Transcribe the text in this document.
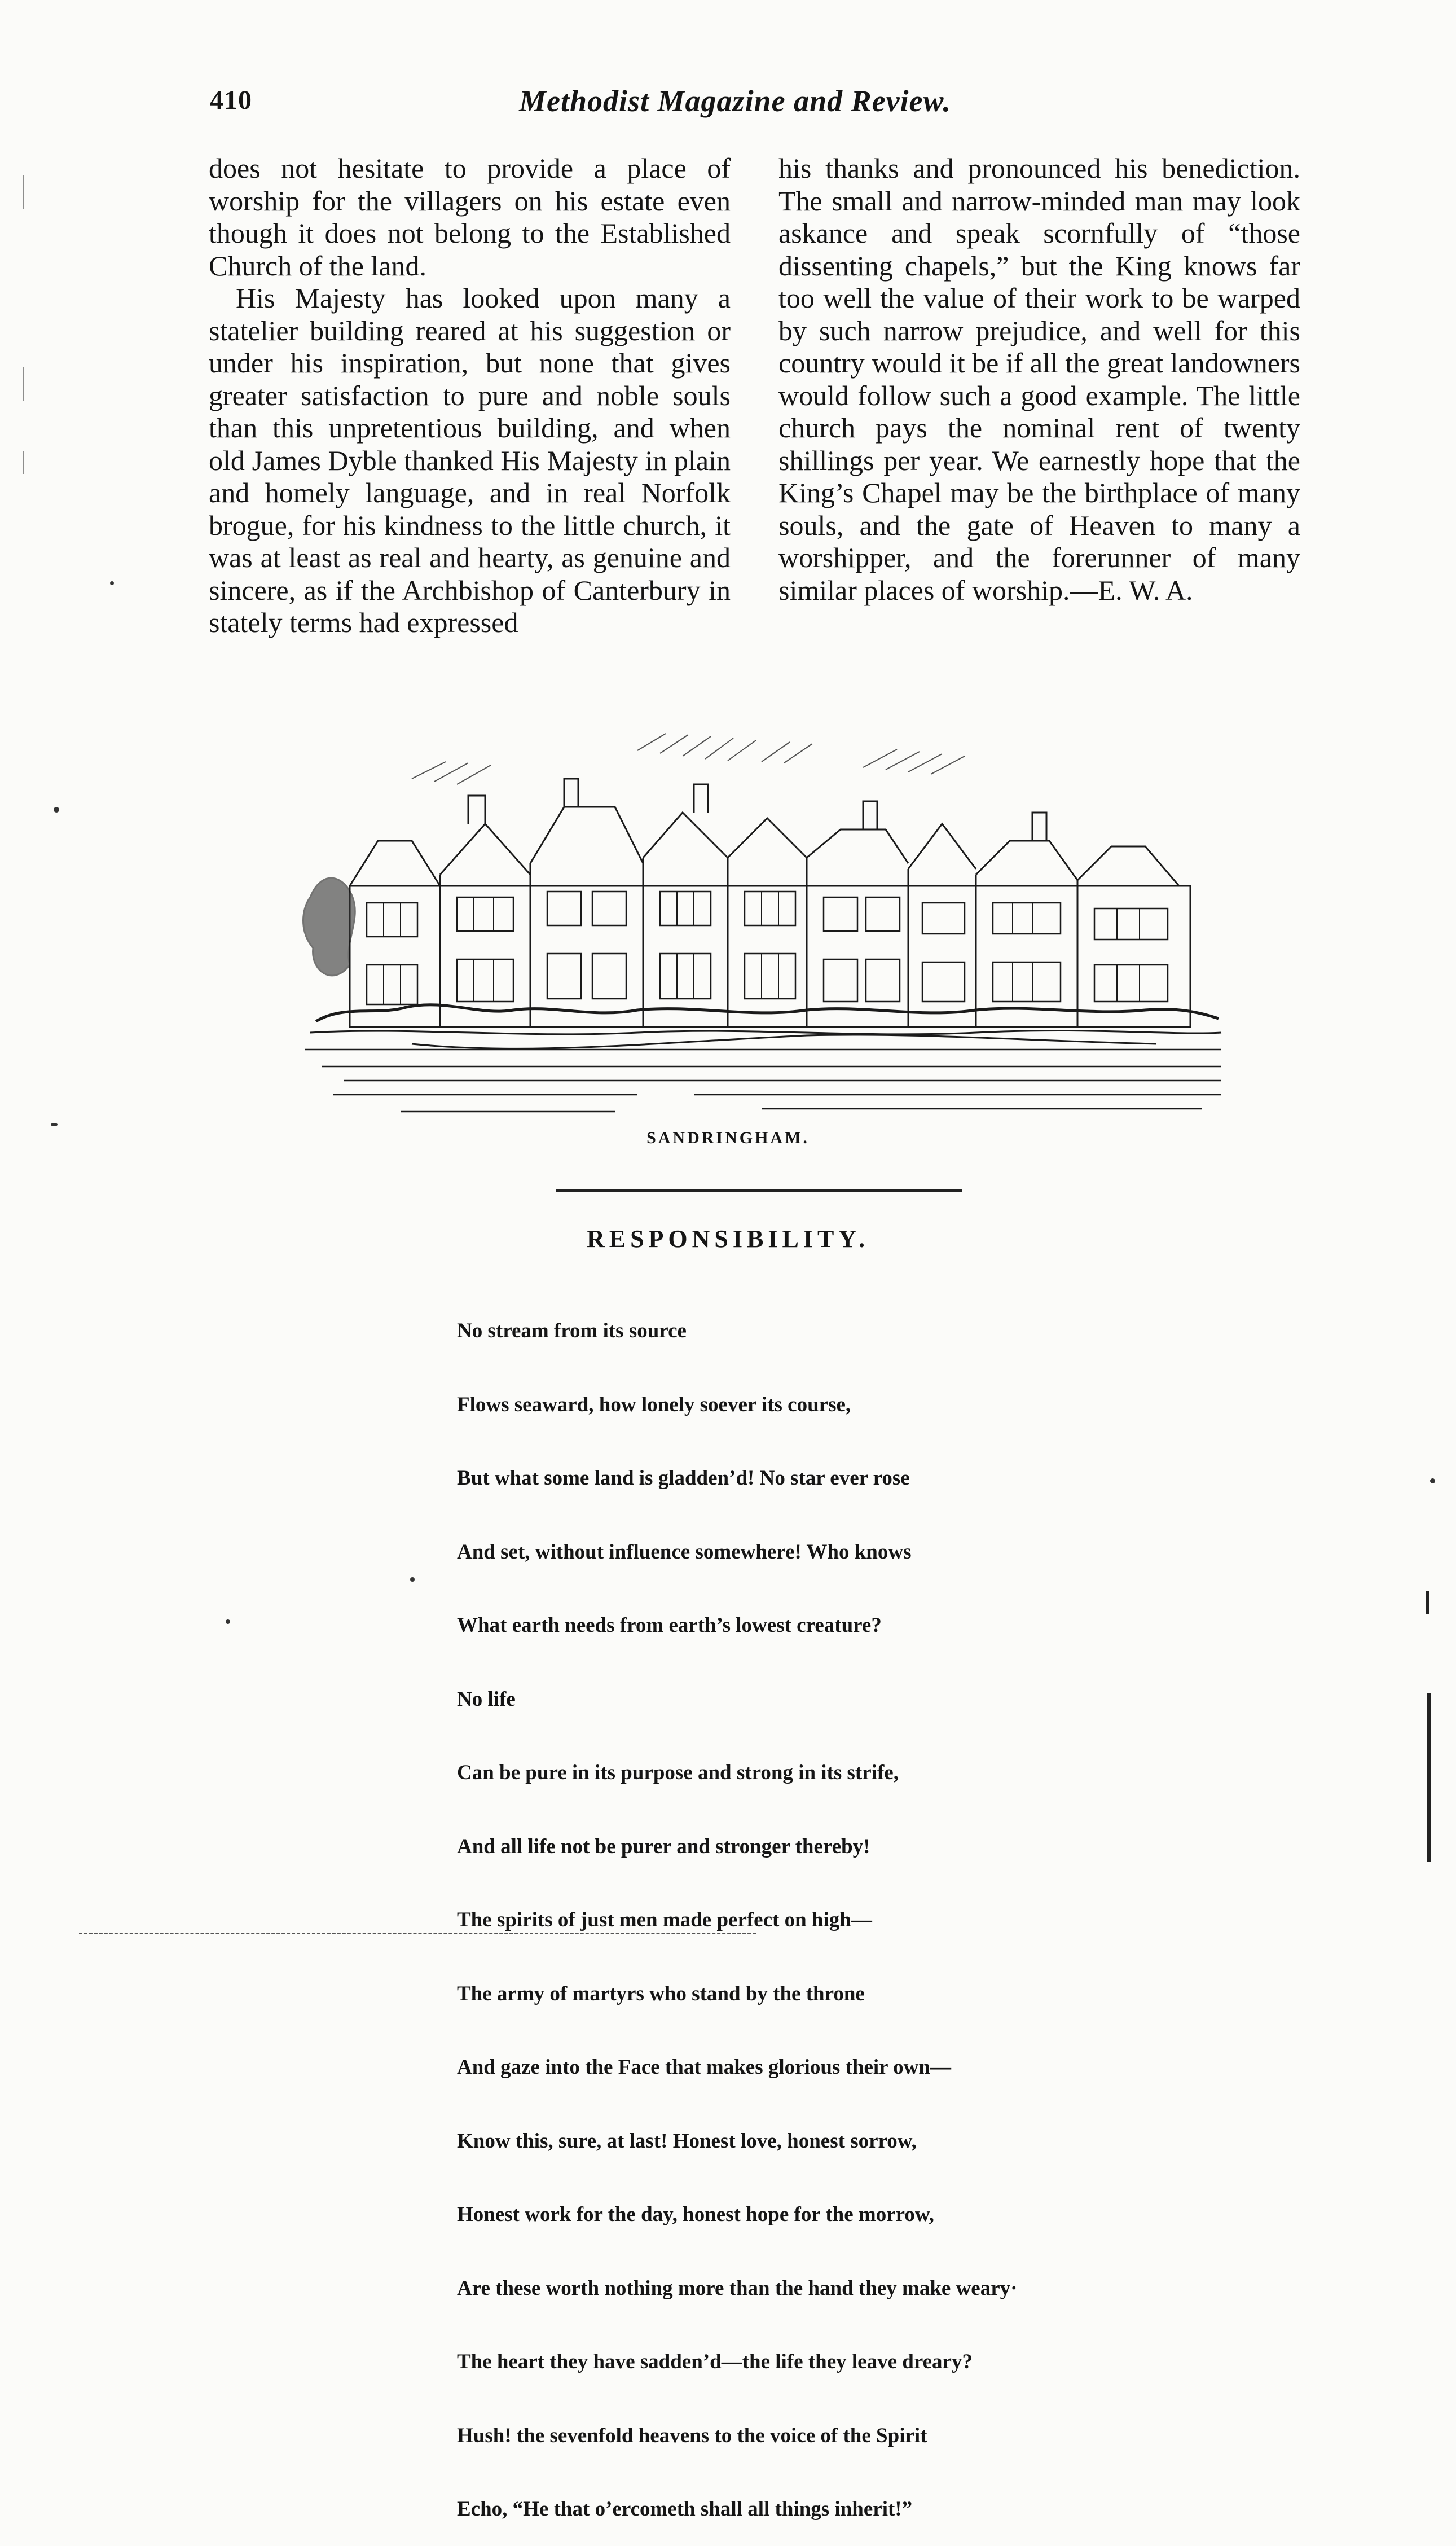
410	Methodist Magazine and Review.

does not hesitate to provide a place of worship for the villagers on his estate even though it does not belong to the Established Church of the land.

His Majesty has looked upon many a statelier building reared at his suggestion or under his inspiration, but none that gives greater satisfaction to pure and noble souls than this unpretentious building, and when old James Dyble thanked His Majesty in plain and homely language, and in real Norfolk brogue, for his kindness to the little church, it was at least as real and hearty, as genuine and sincere, as if the Archbishop of Canterbury in stately terms had expressed

his thanks and pronounced his benediction. The small and narrow-minded man may look askance and speak scornfully of “those dissenting chapels,” but the King knows far too well the value of their work to be warped by such narrow prejudice, and well for this country would it be if all the great landowners would follow such a good example. The little church pays the nominal rent of twenty shillings per year. We earnestly hope that the King’s Chapel may be the birthplace of many souls, and the gate of Heaven to many a worshipper, and the forerunner of many similar places of worship.—E. W. A.

SANDRINGHAM.
RESPONSIBILITY.

No stream from its source

Flows seaward, how lonely soever its course,

But what some land is gladden’d! No star ever rose

And set, without influence somewhere! Who knows

What earth needs from earth’s lowest creature?

No life

Can be pure in its purpose and strong in its strife,

And all life not be purer and stronger thereby!

The spirits of just men made perfect on high—

The army of martyrs who stand by the throne

And gaze into the Face that makes glorious their own—

Know this, sure, at last! Honest love, honest sorrow,

Honest work for the day, honest hope for the morrow,

Are these worth nothing more than the hand they make weary·

The heart they have sadden’d—the life they leave dreary?

Hush! the sevenfold heavens to the voice of the Spirit

Echo, “He that o’ercometh shall all things inherit!”
